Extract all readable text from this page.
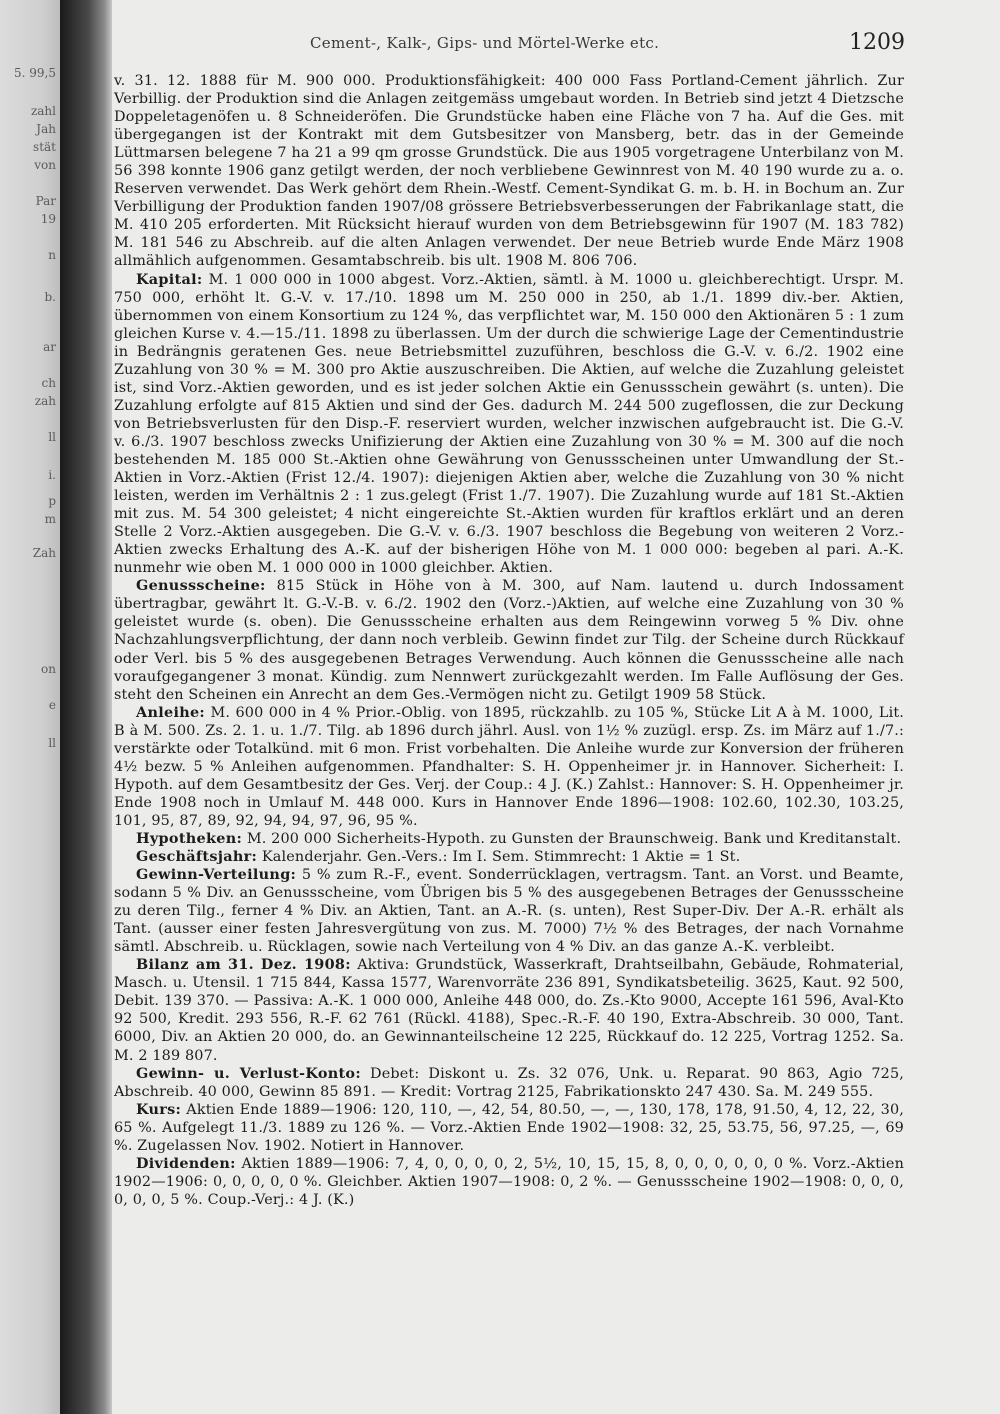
5. 99,5
zahl
Jah
stät
von
Par
19
n
b.
ar
ch
zah
ll
i.
p
m
Zah
on
e
ll
Cement-, Kalk-, Gips- und Mörtel-Werke etc.	1209

v. 31. 12. 1888 für M. 900 000. Produktionsfähigkeit: 400 000 Fass Portland-Cement jährlich. Zur Verbillig. der Produktion sind die Anlagen zeitgemäss umgebaut worden. In Betrieb sind jetzt 4 Dietzsche Doppeletagenöfen u. 8 Schneideröfen. Die Grundstücke haben eine Fläche von 7 ha. Auf die Ges. mit übergegangen ist der Kontrakt mit dem Gutsbesitzer von Mansberg, betr. das in der Gemeinde Lüttmarsen belegene 7 ha 21 a 99 qm grosse Grundstück. Die aus 1905 vorgetragene Unterbilanz von M. 56 398 konnte 1906 ganz getilgt werden, der noch verbliebene Gewinnrest von M. 40 190 wurde zu a. o. Reserven verwendet. Das Werk gehört dem Rhein.-Westf. Cement-Syndikat G. m. b. H. in Bochum an. Zur Verbilligung der Produktion fanden 1907/08 grössere Betriebsverbesserungen der Fabrikanlage statt, die M. 410 205 erforderten. Mit Rücksicht hierauf wurden von dem Betriebsgewinn für 1907 (M. 183 782) M. 181 546 zu Abschreib. auf die alten Anlagen verwendet. Der neue Betrieb wurde Ende März 1908 allmählich aufgenommen. Gesamtabschreib. bis ult. 1908 M. 806 706.

Kapital: M. 1 000 000 in 1000 abgest. Vorz.-Aktien, sämtl. à M. 1000 u. gleichberechtigt. Urspr. M. 750 000, erhöht lt. G.-V. v. 17./10. 1898 um M. 250 000 in 250, ab 1./1. 1899 div.-ber. Aktien, übernommen von einem Konsortium zu 124 %, das verpflichtet war, M. 150 000 den Aktionären 5 : 1 zum gleichen Kurse v. 4.—15./11. 1898 zu überlassen. Um der durch die schwierige Lage der Cementindustrie in Bedrängnis geratenen Ges. neue Betriebsmittel zuzuführen, beschloss die G.-V. v. 6./2. 1902 eine Zuzahlung von 30 % = M. 300 pro Aktie auszuschreiben. Die Aktien, auf welche die Zuzahlung geleistet ist, sind Vorz.-Aktien geworden, und es ist jeder solchen Aktie ein Genussschein gewährt (s. unten). Die Zuzahlung erfolgte auf 815 Aktien und sind der Ges. dadurch M. 244 500 zugeflossen, die zur Deckung von Betriebsverlusten für den Disp.-F. reserviert wurden, welcher inzwischen aufgebraucht ist. Die G.-V. v. 6./3. 1907 beschloss zwecks Unifizierung der Aktien eine Zuzahlung von 30 % = M. 300 auf die noch bestehenden M. 185 000 St.-Aktien ohne Gewährung von Genussscheinen unter Umwandlung der St.-Aktien in Vorz.-Aktien (Frist 12./4. 1907): diejenigen Aktien aber, welche die Zuzahlung von 30 % nicht leisten, werden im Verhältnis 2 : 1 zus.gelegt (Frist 1./7. 1907). Die Zuzahlung wurde auf 181 St.-Aktien mit zus. M. 54 300 geleistet; 4 nicht eingereichte St.-Aktien wurden für kraftlos erklärt und an deren Stelle 2 Vorz.-Aktien ausgegeben. Die G.-V. v. 6./3. 1907 beschloss die Begebung von weiteren 2 Vorz.-Aktien zwecks Erhaltung des A.-K. auf der bisherigen Höhe von M. 1 000 000: begeben al pari. A.-K. nunmehr wie oben M. 1 000 000 in 1000 gleichber. Aktien.

Genussscheine: 815 Stück in Höhe von à M. 300, auf Nam. lautend u. durch Indossament übertragbar, gewährt lt. G.-V.-B. v. 6./2. 1902 den (Vorz.-)Aktien, auf welche eine Zuzahlung von 30 % geleistet wurde (s. oben). Die Genussscheine erhalten aus dem Reingewinn vorweg 5 % Div. ohne Nachzahlungsverpflichtung, der dann noch verbleib. Gewinn findet zur Tilg. der Scheine durch Rückkauf oder Verl. bis 5 % des ausgegebenen Betrages Verwendung. Auch können die Genussscheine alle nach voraufgegangener 3 monat. Kündig. zum Nennwert zurückgezahlt werden. Im Falle Auflösung der Ges. steht den Scheinen ein Anrecht an dem Ges.-Vermögen nicht zu. Getilgt 1909 58 Stück.

Anleihe: M. 600 000 in 4 % Prior.-Oblig. von 1895, rückzahlb. zu 105 %, Stücke Lit A à M. 1000, Lit. B à M. 500. Zs. 2. 1. u. 1./7. Tilg. ab 1896 durch jährl. Ausl. von 1½ % zuzügl. ersp. Zs. im März auf 1./7.: verstärkte oder Totalkünd. mit 6 mon. Frist vorbehalten. Die Anleihe wurde zur Konversion der früheren 4½ bezw. 5 % Anleihen aufgenommen. Pfandhalter: S. H. Oppenheimer jr. in Hannover. Sicherheit: I. Hypoth. auf dem Gesamtbesitz der Ges. Verj. der Coup.: 4 J. (K.) Zahlst.: Hannover: S. H. Oppenheimer jr. Ende 1908 noch in Umlauf M. 448 000. Kurs in Hannover Ende 1896—1908: 102.60, 102.30, 103.25, 101, 95, 87, 89, 92, 94, 94, 97, 96, 95 %.

Hypotheken: M. 200 000 Sicherheits-Hypoth. zu Gunsten der Braunschweig. Bank und Kreditanstalt.

Geschäftsjahr: Kalenderjahr. Gen.-Vers.: Im I. Sem. Stimmrecht: 1 Aktie = 1 St.

Gewinn-Verteilung: 5 % zum R.-F., event. Sonderrücklagen, vertragsm. Tant. an Vorst. und Beamte, sodann 5 % Div. an Genussscheine, vom Übrigen bis 5 % des ausgegebenen Betrages der Genussscheine zu deren Tilg., ferner 4 % Div. an Aktien, Tant. an A.-R. (s. unten), Rest Super-Div. Der A.-R. erhält als Tant. (ausser einer festen Jahresvergütung von zus. M. 7000) 7½ % des Betrages, der nach Vornahme sämtl. Abschreib. u. Rücklagen, sowie nach Verteilung von 4 % Div. an das ganze A.-K. verbleibt.

Bilanz am 31. Dez. 1908: Aktiva: Grundstück, Wasserkraft, Drahtseilbahn, Gebäude, Rohmaterial, Masch. u. Utensil. 1 715 844, Kassa 1577, Warenvorräte 236 891, Syndikatsbeteilig. 3625, Kaut. 92 500, Debit. 139 370. — Passiva: A.-K. 1 000 000, Anleihe 448 000, do. Zs.-Kto 9000, Accepte 161 596, Aval-Kto 92 500, Kredit. 293 556, R.-F. 62 761 (Rückl. 4188), Spec.-R.-F. 40 190, Extra-Abschreib. 30 000, Tant. 6000, Div. an Aktien 20 000, do. an Gewinnanteilscheine 12 225, Rückkauf do. 12 225, Vortrag 1252. Sa. M. 2 189 807.

Gewinn- u. Verlust-Konto: Debet: Diskont u. Zs. 32 076, Unk. u. Reparat. 90 863, Agio 725, Abschreib. 40 000, Gewinn 85 891. — Kredit: Vortrag 2125, Fabrikationskto 247 430. Sa. M. 249 555.

Kurs: Aktien Ende 1889—1906: 120, 110, —, 42, 54, 80.50, —, —, 130, 178, 178, 91.50, 4, 12, 22, 30, 65 %. Aufgelegt 11./3. 1889 zu 126 %. — Vorz.-Aktien Ende 1902—1908: 32, 25, 53.75, 56, 97.25, —, 69 %. Zugelassen Nov. 1902. Notiert in Hannover.

Dividenden: Aktien 1889—1906: 7, 4, 0, 0, 0, 0, 2, 5½, 10, 15, 15, 8, 0, 0, 0, 0, 0, 0 %. Vorz.-Aktien 1902—1906: 0, 0, 0, 0, 0 %. Gleichber. Aktien 1907—1908: 0, 2 %. — Genussscheine 1902—1908: 0, 0, 0, 0, 0, 0, 5 %. Coup.-Verj.: 4 J. (K.)
